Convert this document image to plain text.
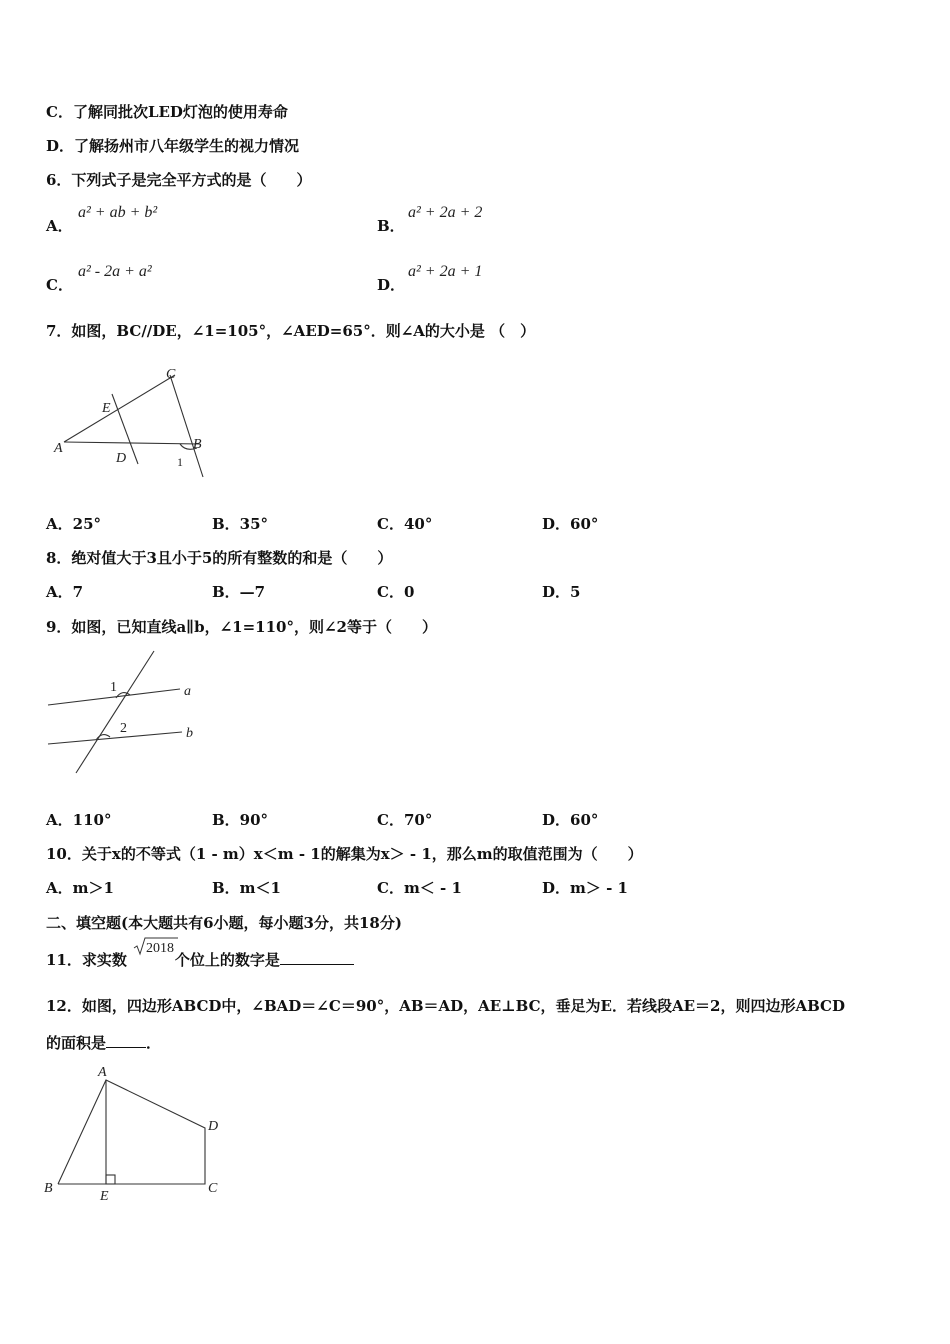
C．了解同批次LED灯泡的使用寿命
D．了解扬州市八年级学生的视力情况
6．下列式子是完全平方式的是（　　）
A．
a² + ab + b²
B．
a² + 2a + 2
C．
a² - 2a + a²
D．
a² + 2a + 1
7．如图，BC//DE，∠1=105°，∠AED=65°．则∠A的大小是 （　）
A
C
E
D
B
1
A．25°	B．35°	C．40°	D．60°
8．绝对值大于3且小于5的所有整数的和是（　　）
A．7	B．—7	C．0	D．5
9．如图，已知直线a∥b，∠1=110°，则∠2等于（　　）
1
2
a
b
A．110°	B．90°	C．70°	D．60°
10．关于x的不等式（1 - m）x＜m - 1的解集为x＞ - 1，那么m的取值范围为（　　）
A．m＞1	B．m＜1	C．m＜ - 1	D．m＞ - 1
二、填空题(本大题共有6小题，每小题3分，共18分)
11．求实数	个位上的数字是
2018
12．如图，四边形ABCD中，∠BAD＝∠C＝90°，AB＝AD，AE⊥BC，垂足为E．若线段AE＝2，则四边形ABCD
的面积是	．
A
B
E
C
D
